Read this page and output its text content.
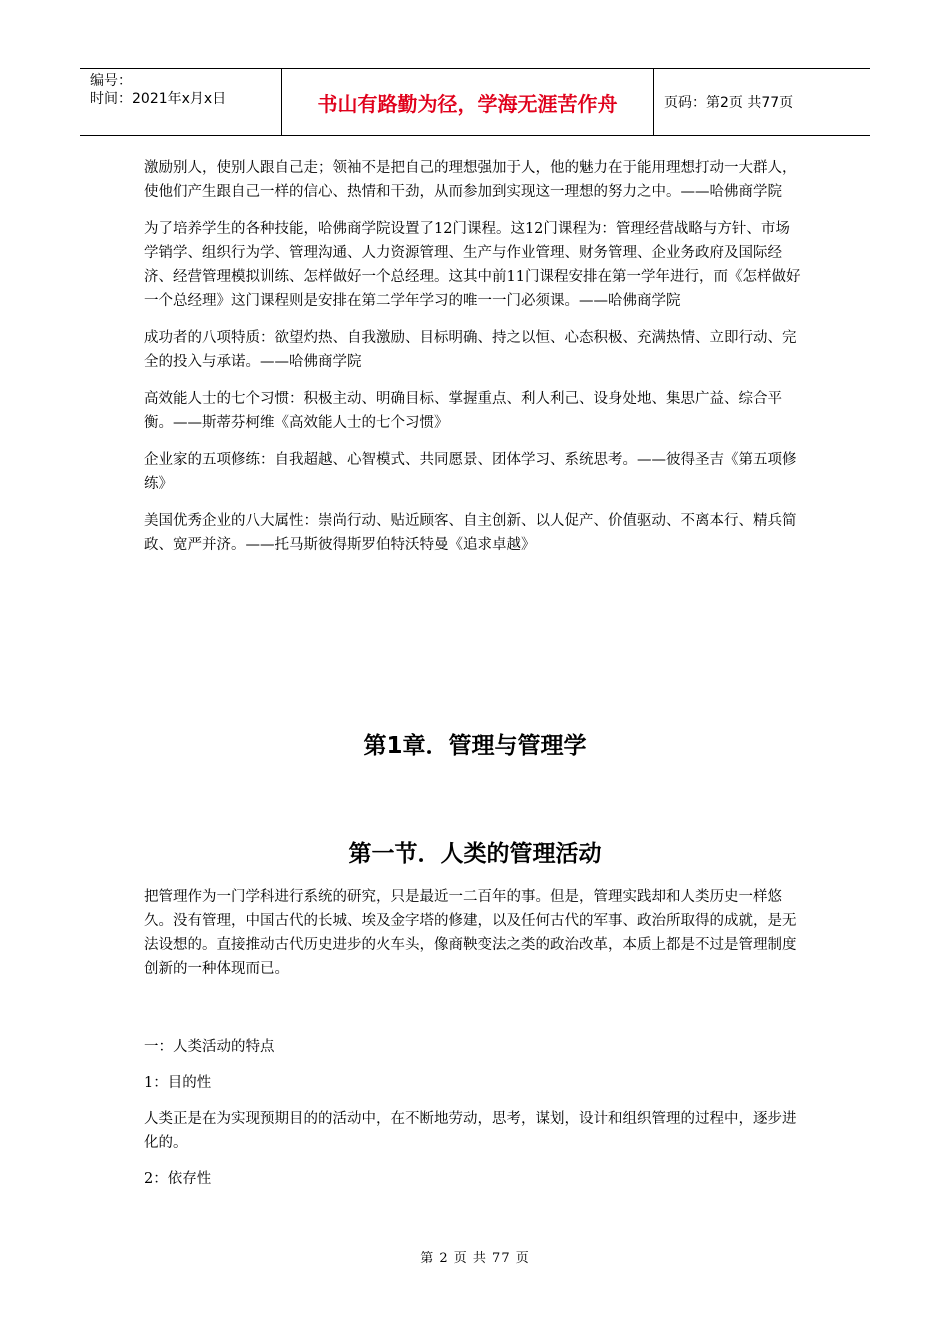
编号：
时间：2021年x月x日	书山有路勤为径，学海无涯苦作舟	页码：第2页 共77页

激励别人，使别人跟自己走；领袖不是把自己的理想强加于人，他的魅力在于能用理想打动一大群人，使他们产生跟自己一样的信心、热情和干劲，从而参加到实现这一理想的努力之中。——哈佛商学院

为了培养学生的各种技能，哈佛商学院设置了12门课程。这12门课程为：管理经营战略与方针、市场学销学、组织行为学、管理沟通、人力资源管理、生产与作业管理、财务管理、企业务政府及国际经济、经营管理模拟训练、怎样做好一个总经理。这其中前11门课程安排在第一学年进行，而《怎样做好一个总经理》这门课程则是安排在第二学年学习的唯一一门必须课。——哈佛商学院

成功者的八项特质：欲望灼热、自我激励、目标明确、持之以恒、心态积极、充满热情、立即行动、完全的投入与承诺。——哈佛商学院

高效能人士的七个习惯：积极主动、明确目标、掌握重点、利人利己、设身处地、集思广益、综合平衡。——斯蒂芬柯维《高效能人士的七个习惯》

企业家的五项修练：自我超越、心智模式、共同愿景、团体学习、系统思考。——彼得圣吉《第五项修练》

美国优秀企业的八大属性：崇尚行动、贴近顾客、自主创新、以人促产、价值驱动、不离本行、精兵简政、宽严并济。——托马斯彼得斯罗伯特沃特曼《追求卓越》

第1章．管理与管理学
第一节．人类的管理活动

把管理作为一门学科进行系统的研究，只是最近一二百年的事。但是，管理实践却和人类历史一样悠久。没有管理，中国古代的长城、埃及金字塔的修建，以及任何古代的军事、政治所取得的成就，是无法设想的。直接推动古代历史进步的火车头，像商鞅变法之类的政治改革，本质上都是不过是管理制度创新的一种体现而已。

一：人类活动的特点

1：目的性

人类正是在为实现预期目的的活动中，在不断地劳动，思考，谋划，设计和组织管理的过程中，逐步进化的。

2：依存性

第 2 页 共 77 页
